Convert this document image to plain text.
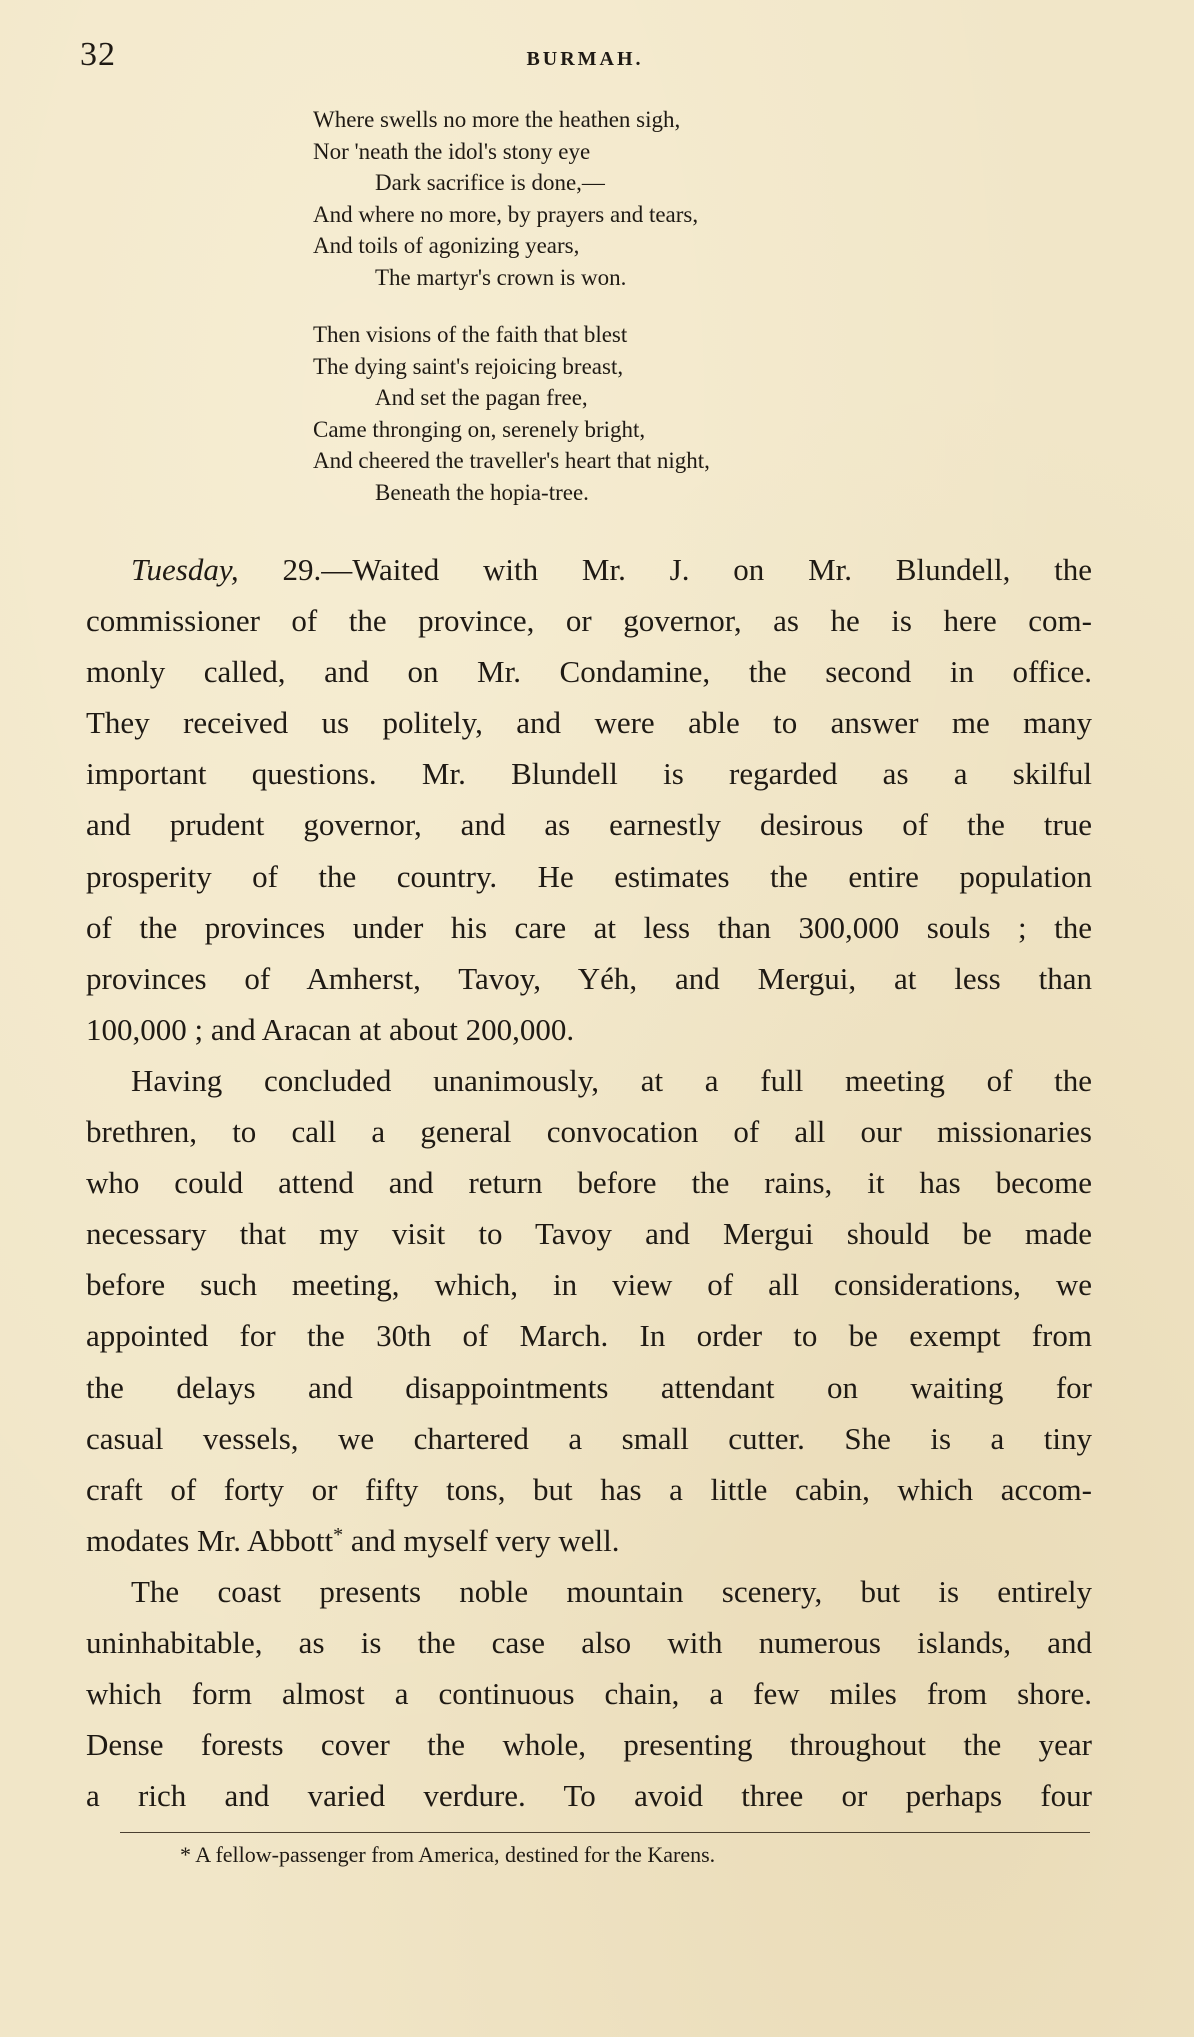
32	BURMAH.
Where swells no more the heathen sigh,
Nor 'neath the idol's stony eye
Dark sacrifice is done,—
And where no more, by prayers and tears,
And toils of agonizing years,
The martyr's crown is won.
Then visions of the faith that blest
The dying saint's rejoicing breast,
And set the pagan free,
Came thronging on, serenely bright,
And cheered the traveller's heart that night,
Beneath the hopia-tree.
Tuesday, 29.—Waited with Mr. J. on Mr. Blundell, the
commissioner of the province, or governor, as he is here com-
monly called, and on Mr. Condamine, the second in office.
They received us politely, and were able to answer me many
important questions. Mr. Blundell is regarded as a skilful
and prudent governor, and as earnestly desirous of the true
prosperity of the country. He estimates the entire population
of the provinces under his care at less than 300,000 souls ; the
provinces of Amherst, Tavoy, Yéh, and Mergui, at less than
100,000 ; and Aracan at about 200,000.
Having concluded unanimously, at a full meeting of the
brethren, to call a general convocation of all our missionaries
who could attend and return before the rains, it has become
necessary that my visit to Tavoy and Mergui should be made
before such meeting, which, in view of all considerations, we
appointed for the 30th of March. In order to be exempt from
the delays and disappointments attendant on waiting for
casual vessels, we chartered a small cutter. She is a tiny
craft of forty or fifty tons, but has a little cabin, which accom-
modates Mr. Abbott* and myself very well.
The coast presents noble mountain scenery, but is entirely
uninhabitable, as is the case also with numerous islands, and
which form almost a continuous chain, a few miles from shore.
Dense forests cover the whole, presenting throughout the year
a rich and varied verdure. To avoid three or perhaps four
* A fellow-passenger from America, destined for the Karens.
